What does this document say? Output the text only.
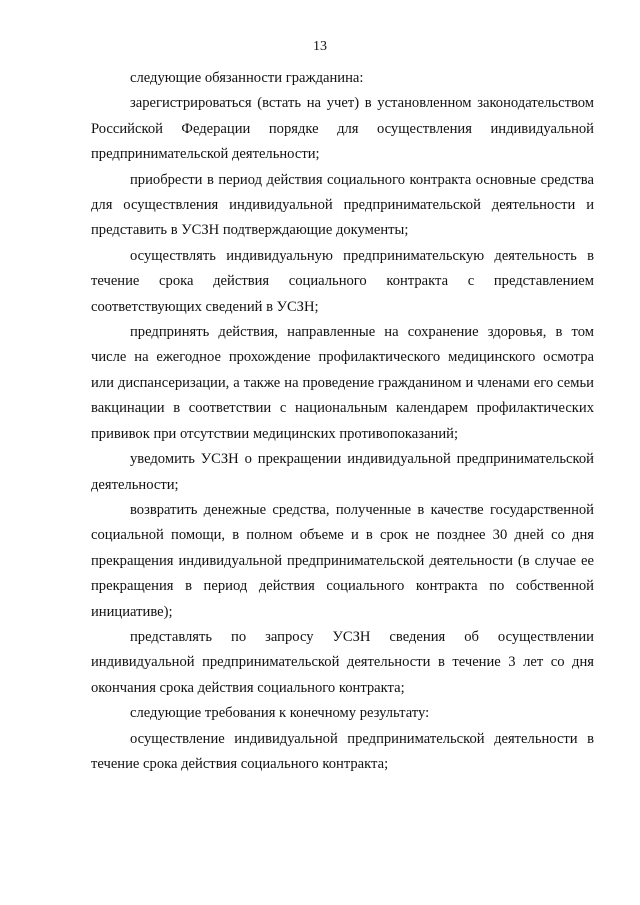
13

следующие обязанности гражданина:

зарегистрироваться (встать на учет) в установленном законодательством Российской Федерации порядке для осуществления индивидуальной предпринимательской деятельности;

приобрести в период действия социального контракта основные средства для осуществления индивидуальной предпринимательской деятельности и представить в УСЗН подтверждающие документы;

осуществлять индивидуальную предпринимательскую деятельность в течение срока действия социального контракта с представлением соответствующих сведений в УСЗН;

предпринять действия, направленные на сохранение здоровья, в том числе на ежегодное прохождение профилактического медицинского осмотра или диспансеризации, а также на проведение гражданином и членами его семьи вакцинации в соответствии с национальным календарем профилактических прививок при отсутствии медицинских противопоказаний;

уведомить УСЗН о прекращении индивидуальной предпринимательской деятельности;

возвратить денежные средства, полученные в качестве государственной социальной помощи, в полном объеме и в срок не позднее 30 дней со дня прекращения индивидуальной предпринимательской деятельности (в случае ее прекращения в период действия социального контракта по собственной инициативе);

представлять по запросу УСЗН сведения об осуществлении индивидуальной предпринимательской деятельности в течение 3 лет со дня окончания срока действия социального контракта;

следующие требования к конечному результату:

осуществление индивидуальной предпринимательской деятельности в течение срока действия социального контракта;
